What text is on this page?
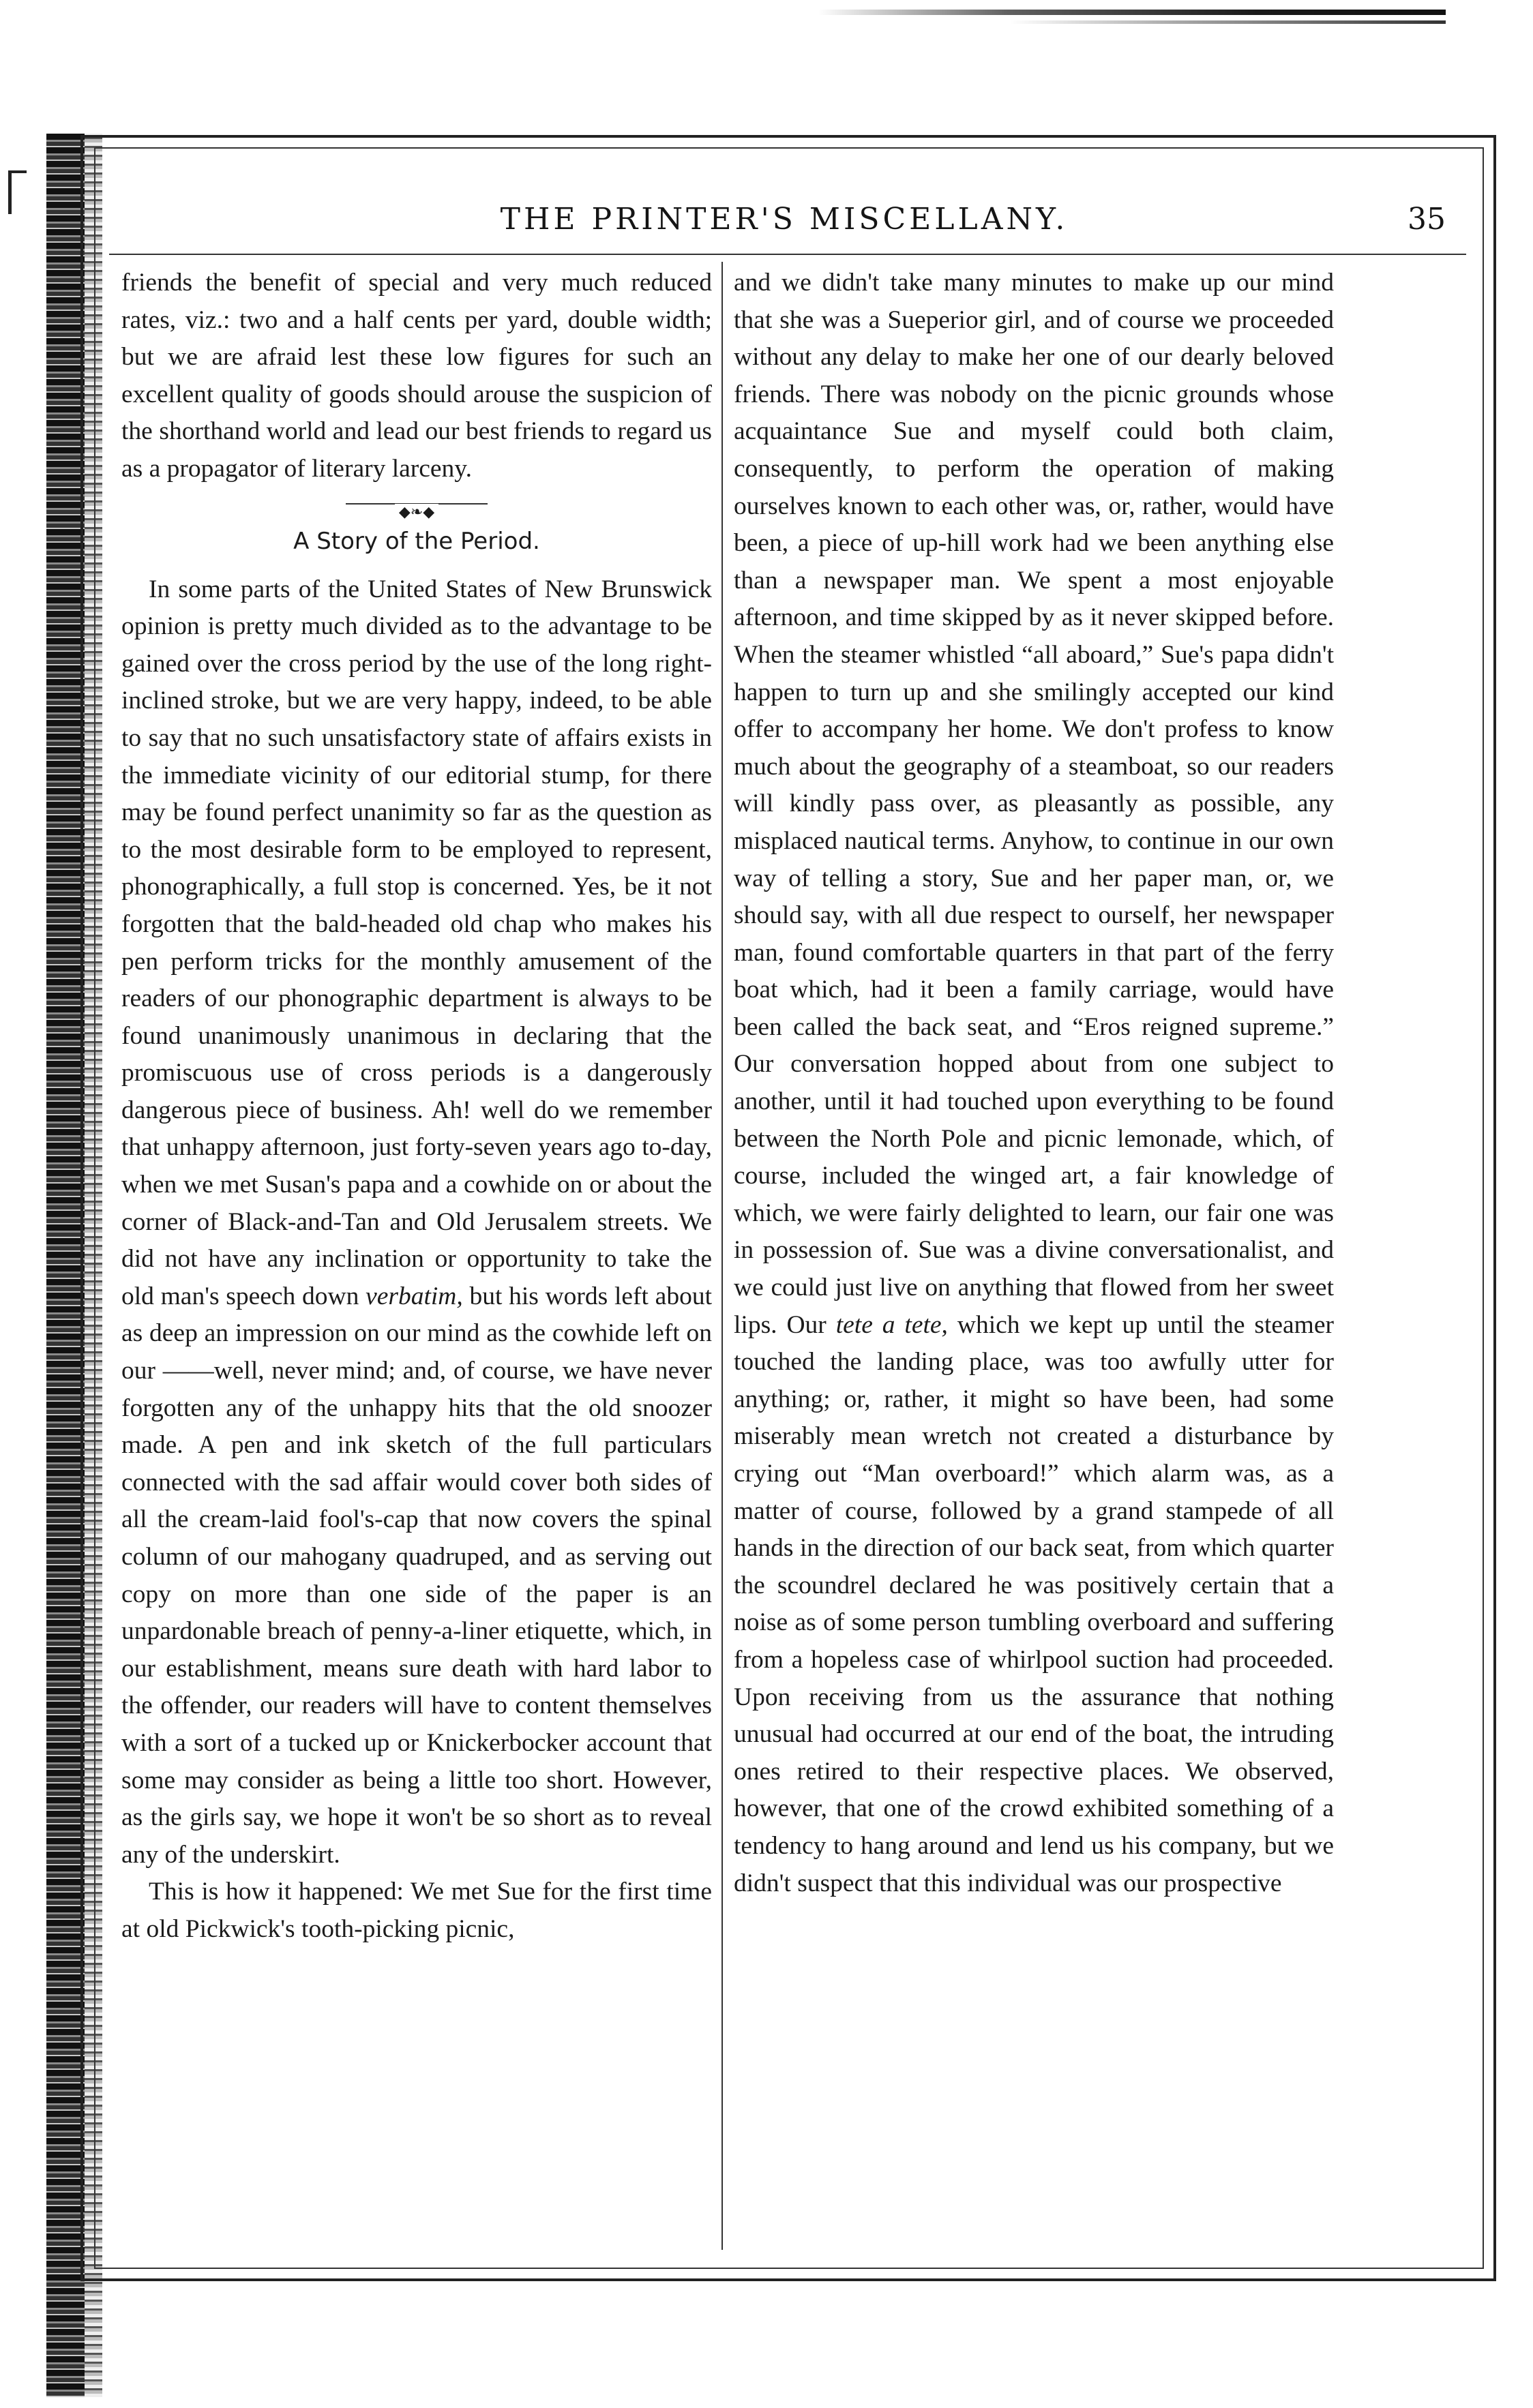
THE PRINTER'S MISCELLANY.	35

friends the benefit of special and very much reduced rates, viz.: two and a half cents per yard, double width; but we are afraid lest these low figures for such an excellent quality of goods should arouse the suspicion of the shorthand world and lead our best friends to regard us as a propagator of literary larceny.

◆❧◆
A Story of the Period.

In some parts of the United States of New Brunswick opinion is pretty much divided as to the advantage to be gained over the cross period by the use of the long right-inclined stroke, but we are very happy, indeed, to be able to say that no such unsatisfactory state of affairs exists in the immediate vicinity of our editorial stump, for there may be found perfect unanimity so far as the question as to the most desirable form to be employed to represent, phonographically, a full stop is concerned. Yes, be it not forgotten that the bald-headed old chap who makes his pen perform tricks for the monthly amusement of the readers of our phonographic department is always to be found unanimously unanimous in declaring that the promiscuous use of cross periods is a dangerously dangerous piece of business. Ah! well do we remember that unhappy afternoon, just forty-seven years ago to-day, when we met Susan's papa and a cowhide on or about the corner of Black-and-Tan and Old Jerusalem streets. We did not have any inclination or opportunity to take the old man's speech down verbatim, but his words left about as deep an impression on our mind as the cowhide left on our ——well, never mind; and, of course, we have never forgotten any of the unhappy hits that the old snoozer made. A pen and ink sketch of the full particulars connected with the sad affair would cover both sides of all the cream-laid fool's-cap that now covers the spinal column of our mahogany quadruped, and as serving out copy on more than one side of the paper is an unpardonable breach of penny-a-liner etiquette, which, in our establishment, means sure death with hard labor to the offender, our readers will have to content themselves with a sort of a tucked up or Knickerbocker account that some may consider as being a little too short. However, as the girls say, we hope it won't be so short as to reveal any of the underskirt.

This is how it happened: We met Sue for the first time at old Pickwick's tooth-picking picnic,

and we didn't take many minutes to make up our mind that she was a Sueperior girl, and of course we proceeded without any delay to make her one of our dearly beloved friends. There was nobody on the picnic grounds whose acquaintance Sue and myself could both claim, consequently, to perform the operation of making ourselves known to each other was, or, rather, would have been, a piece of up-hill work had we been anything else than a newspaper man. We spent a most enjoyable afternoon, and time skipped by as it never skipped before. When the steamer whistled “all aboard,” Sue's papa didn't happen to turn up and she smilingly accepted our kind offer to accompany her home. We don't profess to know much about the geography of a steamboat, so our readers will kindly pass over, as pleasantly as possible, any misplaced nautical terms. Anyhow, to continue in our own way of telling a story, Sue and her paper man, or, we should say, with all due respect to ourself, her newspaper man, found comfortable quarters in that part of the ferry boat which, had it been a family carriage, would have been called the back seat, and “Eros reigned supreme.” Our conversation hopped about from one subject to another, until it had touched upon everything to be found between the North Pole and picnic lemonade, which, of course, included the winged art, a fair knowledge of which, we were fairly delighted to learn, our fair one was in possession of. Sue was a divine conversationalist, and we could just live on anything that flowed from her sweet lips. Our tete a tete, which we kept up until the steamer touched the landing place, was too awfully utter for anything; or, rather, it might so have been, had some miserably mean wretch not created a disturbance by crying out “Man overboard!” which alarm was, as a matter of course, followed by a grand stampede of all hands in the direction of our back seat, from which quarter the scoundrel declared he was positively certain that a noise as of some person tumbling overboard and suffering from a hopeless case of whirlpool suction had proceeded. Upon receiving from us the assurance that nothing unusual had occurred at our end of the boat, the intruding ones retired to their respective places. We observed, however, that one of the crowd exhibited something of a tendency to hang around and lend us his company, but we didn't suspect that this individual was our prospective
